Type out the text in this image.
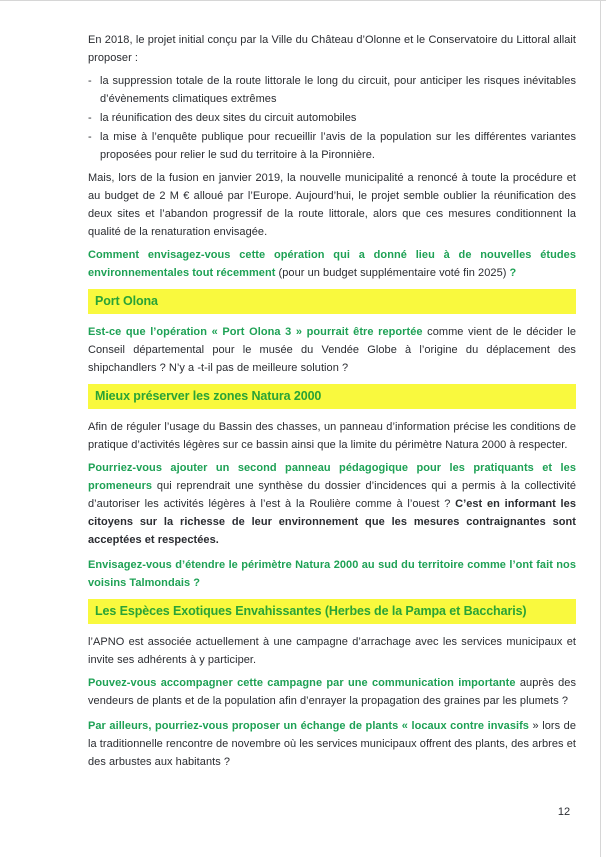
En 2018, le projet initial conçu par la Ville du Château d’Olonne et le Conservatoire du Littoral allait proposer :

- la suppression totale de la route littorale le long du circuit, pour anticiper les risques inévitables d’évènements climatiques extrêmes
- la réunification des deux sites du circuit automobiles
- la mise à l’enquête publique pour recueillir l’avis de la population sur les différentes variantes proposées pour relier le sud du territoire à la Pironnière.

Mais, lors de la fusion en janvier 2019, la nouvelle municipalité a renoncé à toute la procédure et au budget de 2 M € alloué par l’Europe. Aujourd’hui, le projet semble oublier la réunification des deux sites et l’abandon progressif de la route littorale, alors que ces mesures conditionnent la qualité de la renaturation envisagée.

Comment envisagez-vous cette opération qui a donné lieu à de nouvelles études environnementales tout récemment (pour un budget supplémentaire voté fin 2025) ?

Port Olona

Est-ce que l’opération « Port Olona 3 » pourrait être reportée comme vient de le décider le Conseil départemental pour le musée du Vendée Globe à l’origine du déplacement des shipchandlers ? N’y a -t-il pas de meilleure solution ?

Mieux préserver les zones Natura 2000

Afin de réguler l’usage du Bassin des chasses, un panneau d’information précise les conditions de pratique d’activités légères sur ce bassin ainsi que la limite du périmètre Natura 2000 à respecter.

Pourriez-vous ajouter un second panneau pédagogique pour les pratiquants et les promeneurs qui reprendrait une synthèse du dossier d’incidences qui a permis à la collectivité d’autoriser les activités légères à l’est à la Roulière comme à l’ouest ? C’est en informant les citoyens sur la richesse de leur environnement que les mesures contraignantes sont acceptées et respectées.

Envisagez-vous d’étendre le périmètre Natura 2000 au sud du territoire comme l’ont fait nos voisins Talmondais ?

Les Espèces Exotiques Envahissantes (Herbes de la Pampa et Baccharis)

l’APNO est associée actuellement à une campagne d’arrachage avec les services municipaux et invite ses adhérents à y participer.

Pouvez-vous accompagner cette campagne par une communication importante auprès des vendeurs de plants et de la population afin d’enrayer la propagation des graines par les plumets ?

Par ailleurs, pourriez-vous proposer un échange de plants « locaux contre invasifs » lors de la traditionnelle rencontre de novembre où les services municipaux offrent des plants, des arbres et des arbustes aux habitants ?

12
